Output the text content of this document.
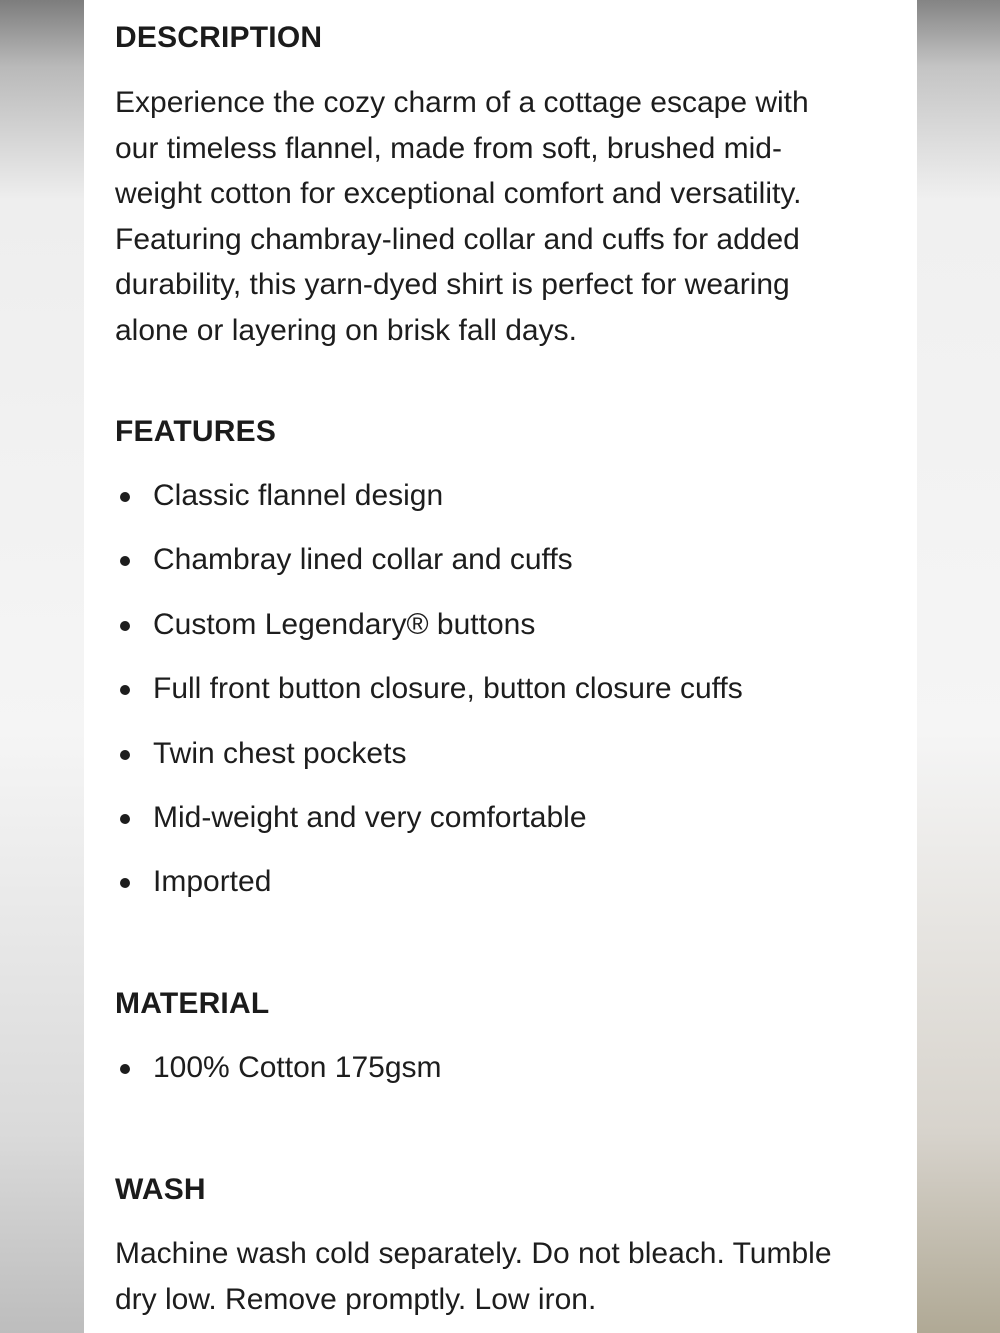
DESCRIPTION

Experience the cozy charm of a cottage escape with

our timeless flannel, made from soft, brushed mid-

weight cotton for exceptional comfort and versatility.

Featuring chambray-lined collar and cuffs for added

durability, this yarn-dyed shirt is perfect for wearing

alone or layering on brisk fall days.

FEATURES
Classic flannel design
Chambray lined collar and cuffs
Custom Legendary® buttons
Full front button closure, button closure cuffs
Twin chest pockets
Mid-weight and very comfortable
Imported
MATERIAL
100% Cotton 175gsm
WASH

Machine wash cold separately. Do not bleach. Tumble

dry low. Remove promptly. Low iron.
